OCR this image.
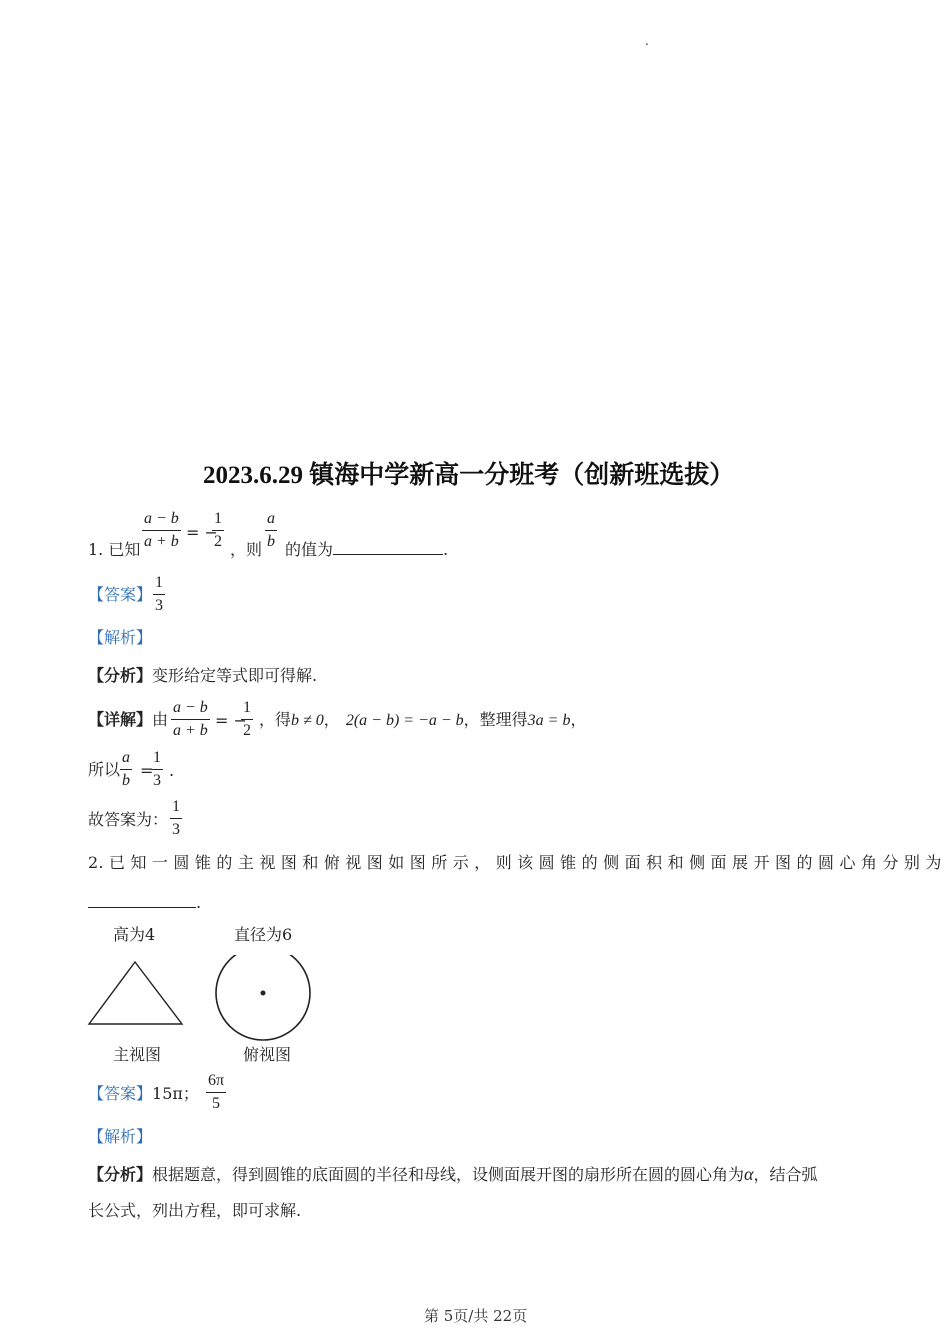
.
2023.6.29 镇海中学新高一分班考（创新班选拔）
1. 已知
a − b
a + b = −
1
2 ，则
a
b 的值为	.
【答案】
1
3
【解析】
【分析】变形给定等式即可得解.
【详解】由
a − b
a + b
= −
1
2
，得b ≠ 0， 2(a − b) = −a − b，整理得3a = b，
所以
a
b
=
1
3
.
故答案为：
1
3
2. 已 知 一 圆 锥 的 主 视 图 和 俯 视 图 如 图 所 示 ， 则 该 圆 锥 的 侧 面 积 和 侧 面 展 开 图 的 圆 心 角 分 别 为
.
高为4	直径为6
主视图	俯视图
【答案】15π；
6π
5
【解析】
【分析】根据题意，得到圆锥的底面圆的半径和母线，设侧面展开图的扇形所在圆的圆心角为α，结合弧
长公式，列出方程，即可求解.
第 5页/共 22页
